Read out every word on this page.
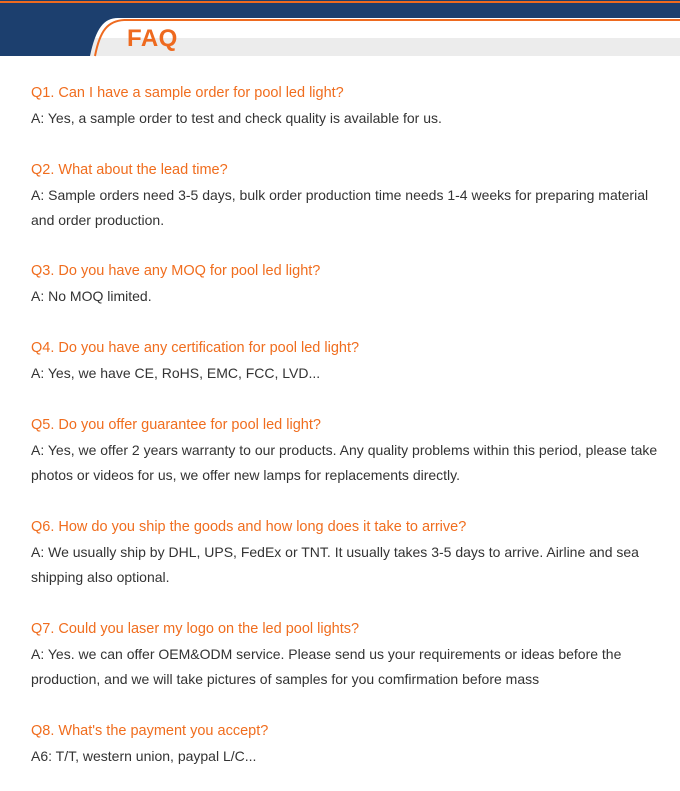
FAQ
Q1. Can I have a sample order for pool led light?
A: Yes, a sample order to test and check quality is available for us.
Q2. What about the lead time?
A: Sample orders need 3-5 days, bulk order production time needs 1-4 weeks for preparing material and order production.
Q3. Do you have any MOQ for pool led light?
A: No MOQ limited.
Q4. Do you have any certification for pool led light?
A: Yes, we have CE, RoHS, EMC, FCC, LVD...
Q5. Do you offer guarantee for pool led light?
A: Yes, we offer 2 years warranty to our products. Any quality problems within this period, please take photos or videos for us, we offer new lamps for replacements directly.
Q6. How do you ship the goods and how long does it take to arrive?
A: We usually ship by DHL, UPS, FedEx or TNT. It usually takes 3-5 days to arrive. Airline and sea shipping also optional.
Q7. Could you laser my logo on the led pool lights?
A: Yes. we can offer OEM&ODM service. Please send us your requirements or ideas before the production, and we will take pictures of samples for you comfirmation before mass
Q8. What's the payment you accept?
A6: T/T, western union, paypal L/C...
